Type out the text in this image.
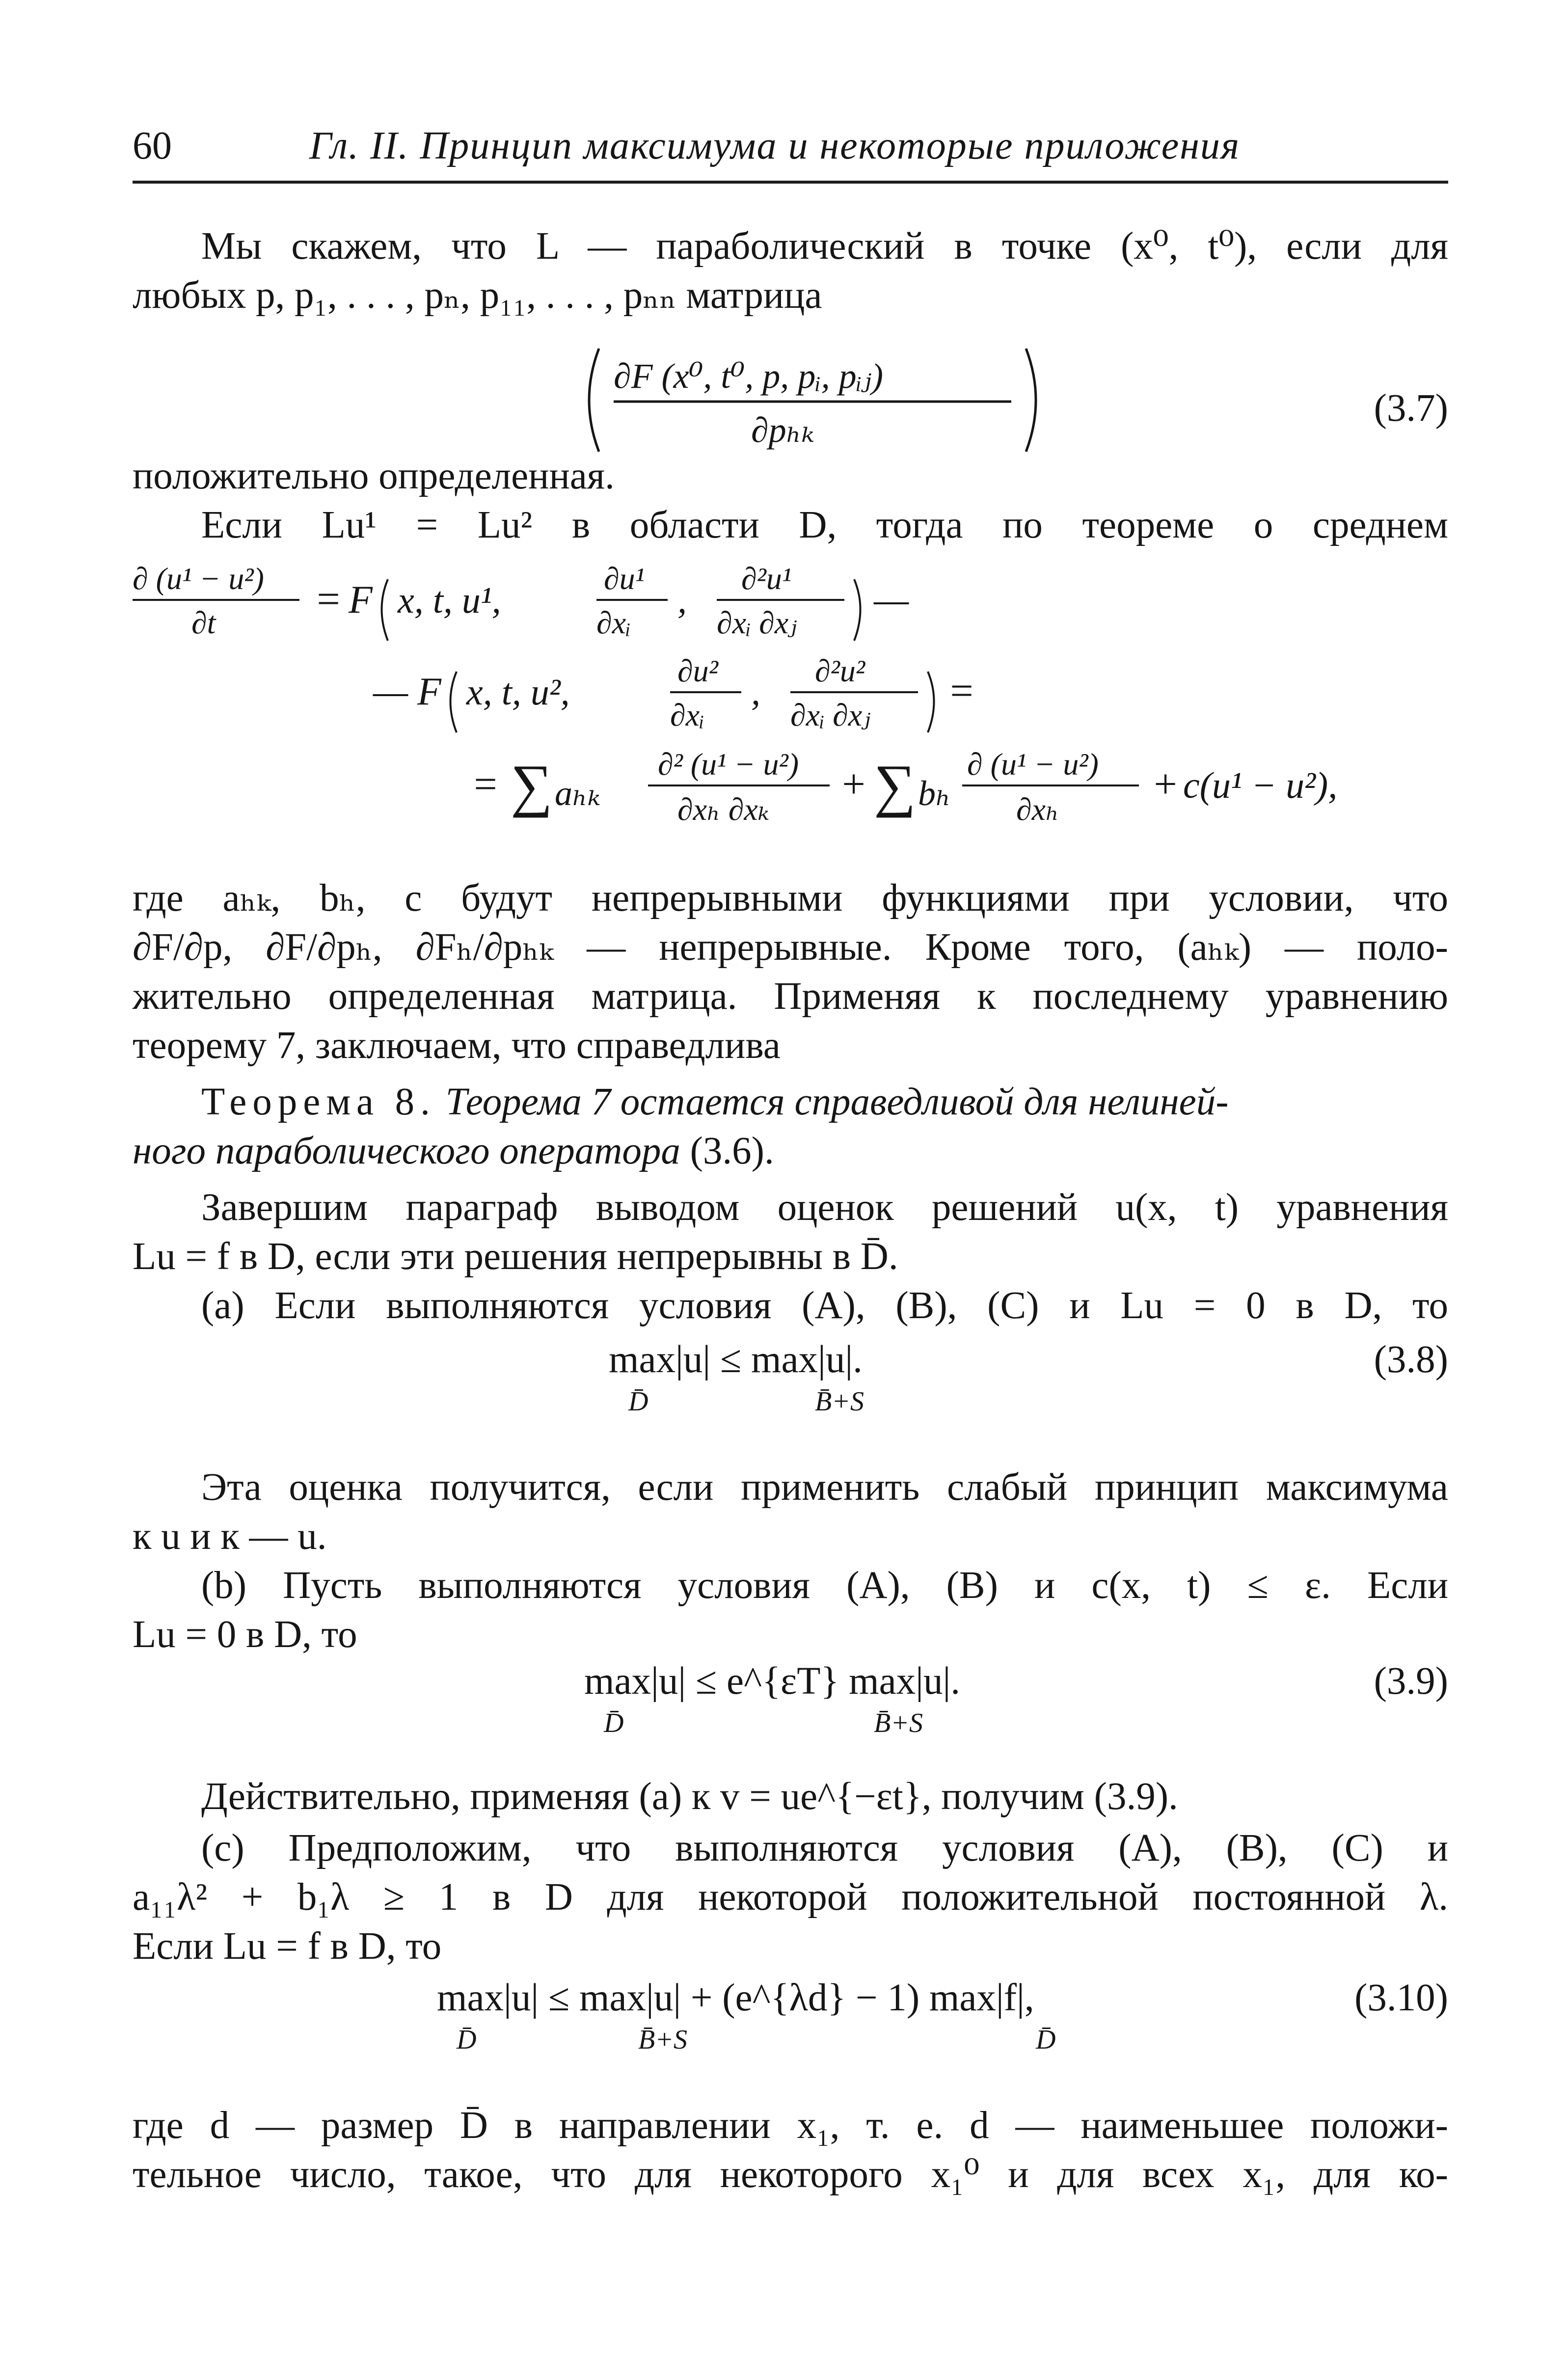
60	Гл. II. Принцип максимума и некоторые приложения
Мы скажем, что L — параболический в точке (x⁰, t⁰), если для
любых p, p₁, . . . , pₙ, p₁₁, . . . , pₙₙ матрица
∂F (x⁰, t⁰, p, pᵢ, pᵢⱼ)
∂pₕₖ
(3.7)
положительно определенная.
Если Lu¹ = Lu² в области D, тогда по теореме о среднем
∂ (u¹ − u²)
∂t
= F x, t, u¹,
∂u¹
∂xᵢ
,
∂²u¹
∂xᵢ ∂xⱼ
—
— F x, t, u²,
∂u²
∂xᵢ
,
∂²u²
∂xᵢ ∂xⱼ
=
= ∑ aₕₖ
∂² (u¹ − u²)
∂xₕ ∂xₖ
+ ∑ bₕ
∂ (u¹ − u²)
∂xₕ
+ c(u¹ − u²),
где aₕₖ, bₕ, c будут непрерывными функциями при условии, что
∂F/∂p, ∂F/∂pₕ, ∂Fₕ/∂pₕₖ — непрерывные. Кроме того, (aₕₖ) — поло-
жительно определенная матрица. Применяя к последнему уравнению
теорему 7, заключаем, что справедлива
Теорема 8. Теорема 7 остается справедливой для нелиней-
ного параболического оператора (3.6).
Завершим параграф выводом оценок решений u(x, t) уравнения
Lu = f в D, если эти решения непрерывны в D̄.
(a) Если выполняются условия (A), (B), (C) и Lu = 0 в D, то
max|u| ≤ max|u|.
D̄	B̄+S
(3.8)
Эта оценка получится, если применить слабый принцип максимума
к u и к — u.
(b) Пусть выполняются условия (A), (B) и c(x, t) ≤ ε. Если
Lu = 0 в D, то
max|u| ≤ e^{εT} max|u|.
D̄	B̄+S
(3.9)
Действительно, применяя (a) к v = ue^{−εt}, получим (3.9).
(c) Предположим, что выполняются условия (A), (B), (C) и
a₁₁λ² + b₁λ ≥ 1 в D для некоторой положительной постоянной λ.
Если Lu = f в D, то
max|u| ≤ max|u| + (e^{λd} − 1) max|f|,
D̄	B̄+S	D̄
(3.10)
где d — размер D̄ в направлении x₁, т. е. d — наименьшее положи-
тельное число, такое, что для некоторого x₁⁰ и для всех x₁, для ко-
